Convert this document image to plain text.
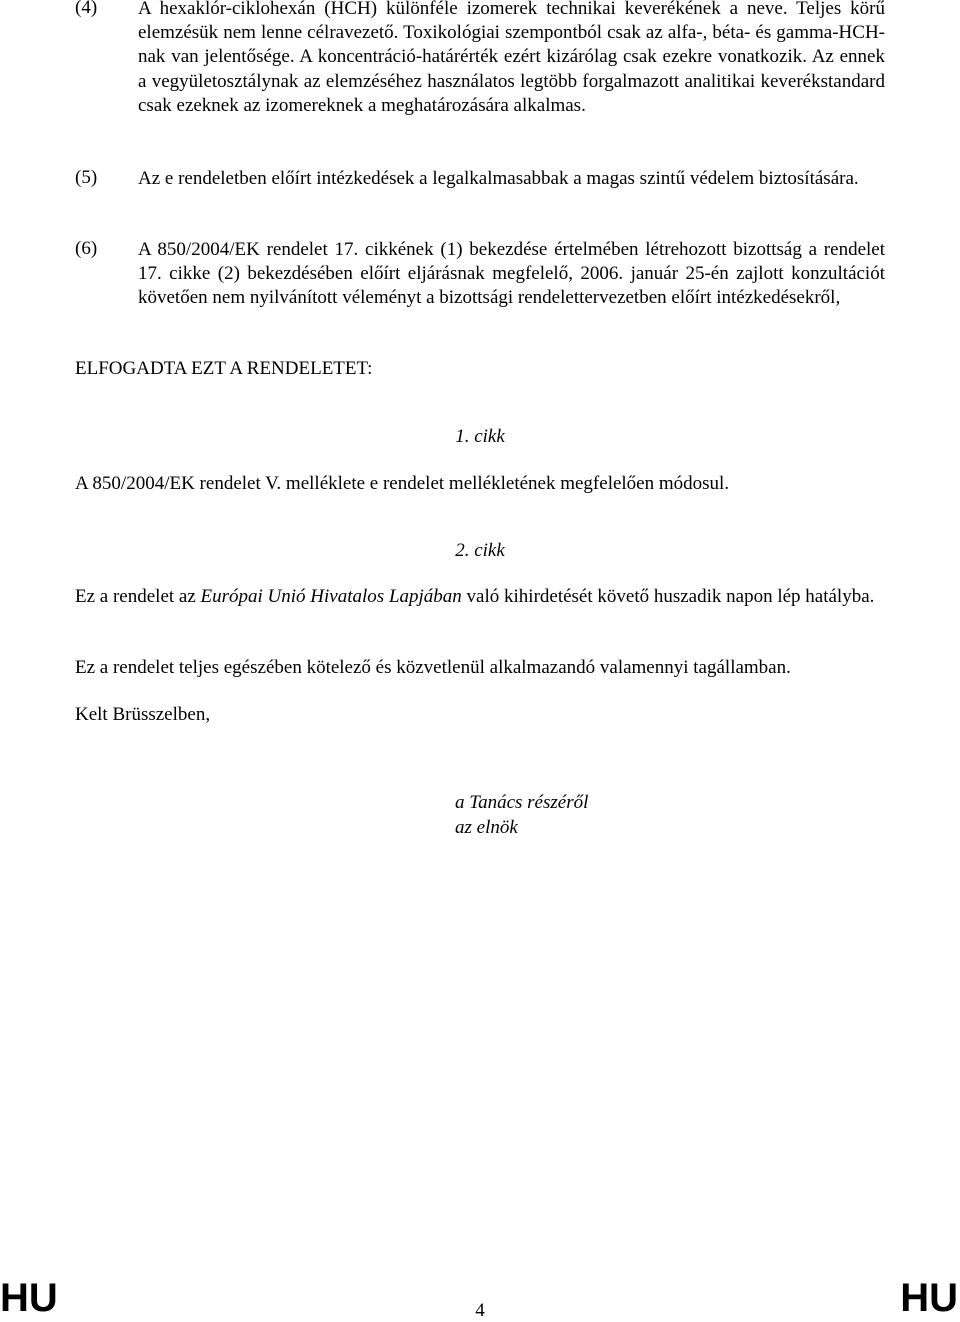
(4) A hexaklór-ciklohexán (HCH) különféle izomerek technikai keverékének a neve. Teljes körű elemzésük nem lenne célravezető. Toxikológiai szempontból csak az alfa-, béta- és gamma-HCH-nak van jelentősége. A koncentráció-határérték ezért kizárólag csak ezekre vonatkozik. Az ennek a vegyületosztálynak az elemzéséhez használatos legtöbb forgalmazott analitikai keverékstandard csak ezeknek az izomereknek a meghatározására alkalmas.
(5) Az e rendeletben előírt intézkedések a legalkalmasabbak a magas szintű védelem biztosítására.
(6) A 850/2004/EK rendelet 17. cikkének (1) bekezdése értelmében létrehozott bizottság a rendelet 17. cikke (2) bekezdésében előírt eljárásnak megfelelő, 2006. január 25-én zajlott konzultációt követően nem nyilvánított véleményt a bizottsági rendelettervezetben előírt intézkedésekről,
ELFOGADTA EZT A RENDELETET:
1. cikk
A 850/2004/EK rendelet V. melléklete e rendelet mellékletének megfelelően módosul.
2. cikk
Ez a rendelet az Európai Unió Hivatalos Lapjában való kihirdetését követő huszadik napon lép hatályba.
Ez a rendelet teljes egészében kötelező és közvetlenül alkalmazandó valamennyi tagállamban.
Kelt Brüsszelben,
a Tanács részéről
az elnök
HU	4	HU
